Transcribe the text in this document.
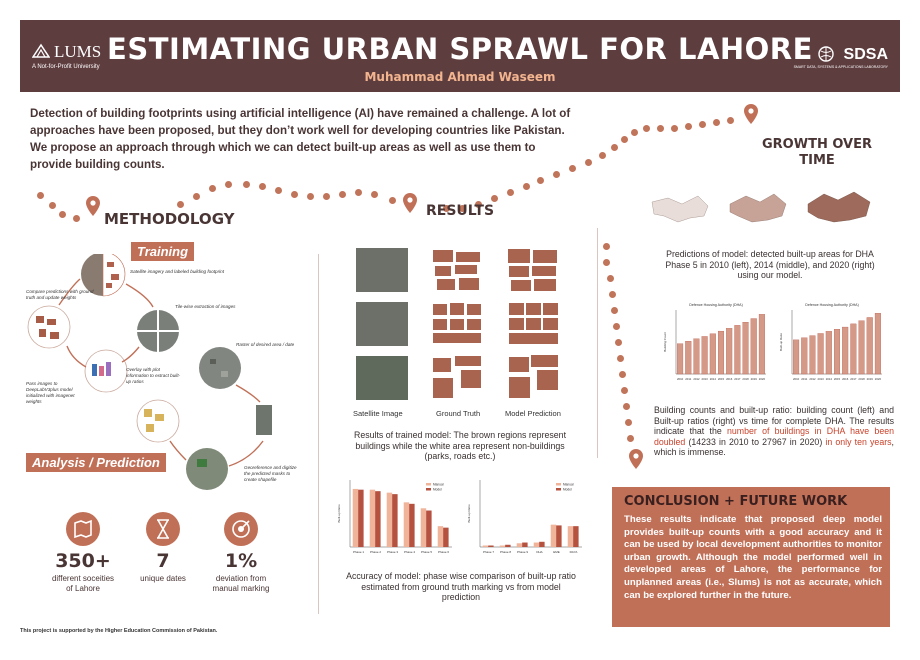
LUMS
A Not-for-Profit University
ESTIMATING URBAN SPRAWL FOR LAHORE
Muhammad Ahmad Waseem
SDSA
SMART DATA, SYSTEMS & APPLICATIONS LABORATORY
Detection of building footprints using artificial intelligence (AI) have remained a challenge. A lot of approaches have been proposed, but they don’t work well for developing countries like Pakistan. We propose an approach through which we can detect built-up areas as well as use them to provide building counts.
METHODOLOGY
Training
Analysis / Prediction
Satellite imagery and labeled building footprint
Tile-wise extraction of images
Overlay with plot information to extract built-up ratios
Pass images to DeepLabV3plus model initialized with imagenet weights
Compare predictions with ground truth and update weights
Raster of desired area / date
Georeference and digitize the predicted masks to create shapefile
350+	7	1%
different soceities of Lahore
unique dates	deviation from manual marking
RESULTS
Satellite Image	Ground Truth	Model Prediction
Results of trained model: The brown regions represent buildings while the white area represent non-buildings (parks, roads etc.)
Phase 1 Phase 2 Phase 3 Phase 4 Phase 5 Phase 6
Built-up Ratio
Manual
Model
Phase 7 Phase 8 Phase 9	DHA	EME	RAYA
Built-up Ratio
Manual
Model
Accuracy of model: phase wise comparison of built-up ratio estimated from ground truth marking vs from model prediction
GROWTH OVER
TIME
Predictions of model: detected built-up areas for DHA Phase 5 in 2010 (left), 2014 (middle), and 2020 (right) using our model.
Defence Housing Authority (DHA)
2010 2011 2012 2013 2014 2015 2016 2017 2018 2019 2020
Building Count
Defence Housing Authority (DHA)
2010 2011 2012 2013 2014 2015 2016 2017 2018 2019 2020
Built-up Ratio
Building counts and built-up ratio: building count (left) and Built-up ratios (right) vs time for complete DHA. The results indicate that the number of buildings in DHA have been doubled (14233 in 2010 to 27967 in 2020) in only ten years, which is immense.
CONCLUSION + FUTURE WORK
These results indicate that proposed deep model provides built-up counts with a good accuracy and it can be used by local development authorities to monitor urban growth. Although the model performed well in developed areas of Lahore, the performance for unplanned areas (i.e., Slums) is not as accurate, which can be explored further in the future.
This project is supported by the Higher Education Commission of Pakistan.
